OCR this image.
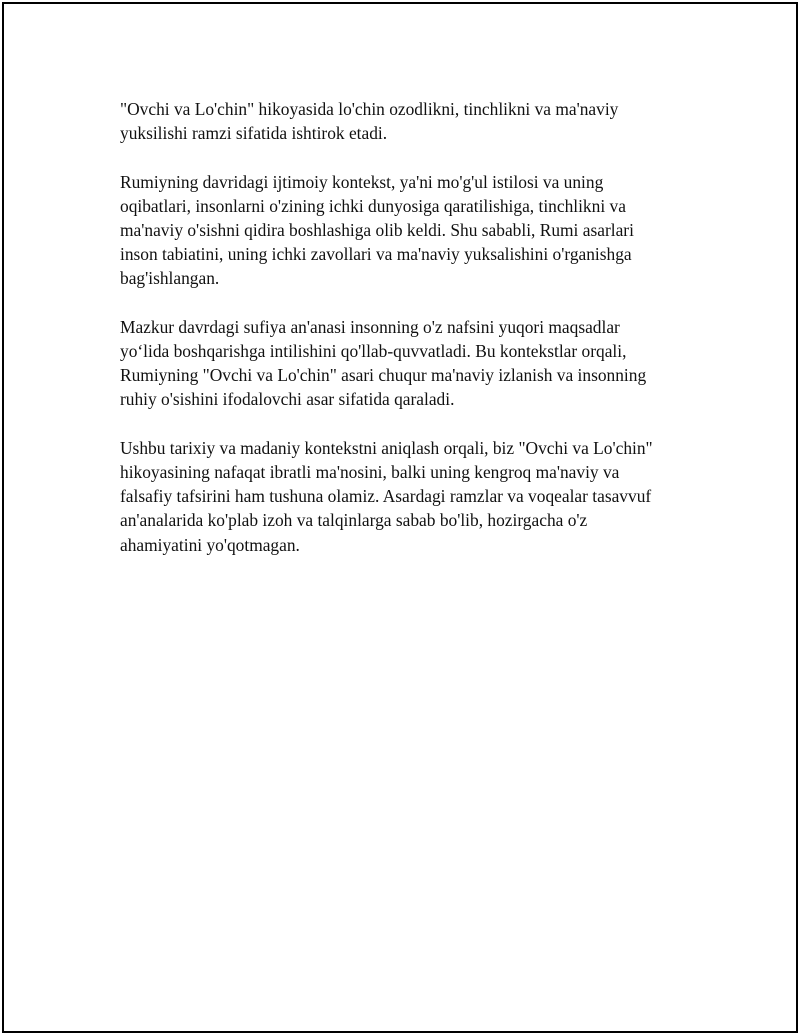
"Ovchi va Lo'chin" hikoyasida lo'chin ozodlikni, tinchlikni va ma'naviy
yuksilishi ramzi sifatida ishtirok etadi.

Rumiyning davridagi ijtimoiy kontekst, ya'ni mo'g'ul istilosi va uning
oqibatlari, insonlarni o'zining ichki dunyosiga qaratilishiga, tinchlikni va
ma'naviy o'sishni qidira boshlashiga olib keldi. Shu sababli, Rumi asarlari
inson tabiatini, uning ichki zavollari va ma'naviy yuksalishini o'rganishga
bag'ishlangan.

Mazkur davrdagi sufiya an'anasi insonning o'z nafsini yuqori maqsadlar
yo‘lida boshqarishga intilishini qo'llab-quvvatladi. Bu kontekstlar orqali,
Rumiyning "Ovchi va Lo'chin" asari chuqur ma'naviy izlanish va insonning
ruhiy o'sishini ifodalovchi asar sifatida qaraladi.

Ushbu tarixiy va madaniy kontekstni aniqlash orqali, biz "Ovchi va Lo'chin"
hikoyasining nafaqat ibratli ma'nosini, balki uning kengroq ma'naviy va
falsafiy tafsirini ham tushuna olamiz. Asardagi ramzlar va voqealar tasavvuf
an'analarida ko'plab izoh va talqinlarga sabab bo'lib, hozirgacha o'z
ahamiyatini yo'qotmagan.
